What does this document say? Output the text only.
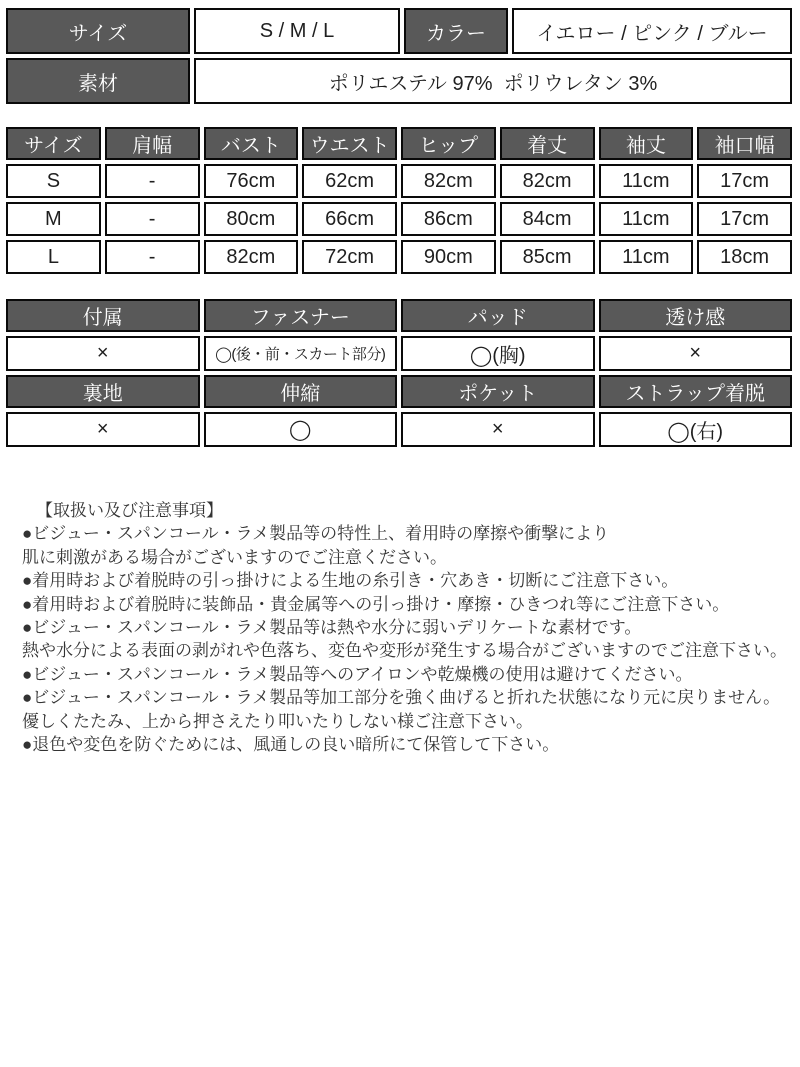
サイズ	S / M / L	カラー	イエロー / ピンク / ブルー
素材	ポリエステル 97%  ポリウレタン 3%		
サイズ	肩幅	バスト	ウエスト	ヒップ	着丈	袖丈	袖口幅
S	-	76cm	62cm	82cm	82cm	11cm	17cm
M	-	80cm	66cm	86cm	84cm	11cm	17cm
L	-	82cm	72cm	90cm	85cm	11cm	18cm
付属	ファスナー	パッド	透け感
×	◯(後・前・スカート部分)	◯(胸)	×
裏地	伸縮	ポケット	ストラップ着脱
×	◯	×	◯(右)

【取扱い及び注意事項】

●ビジュー・スパンコール・ラメ製品等の特性上、着用時の摩擦や衝撃により

肌に刺激がある場合がございますのでご注意ください。

●着用時および着脱時の引っ掛けによる生地の糸引き・穴あき・切断にご注意下さい。

●着用時および着脱時に装飾品・貴金属等への引っ掛け・摩擦・ひきつれ等にご注意下さい。

●ビジュー・スパンコール・ラメ製品等は熱や水分に弱いデリケートな素材です。

熱や水分による表面の剥がれや色落ち、変色や変形が発生する場合がございますのでご注意下さい。

●ビジュー・スパンコール・ラメ製品等へのアイロンや乾燥機の使用は避けてください。

●ビジュー・スパンコール・ラメ製品等加工部分を強く曲げると折れた状態になり元に戻りません。

優しくたたみ、上から押さえたり叩いたりしない様ご注意下さい。

●退色や変色を防ぐためには、風通しの良い暗所にて保管して下さい。
